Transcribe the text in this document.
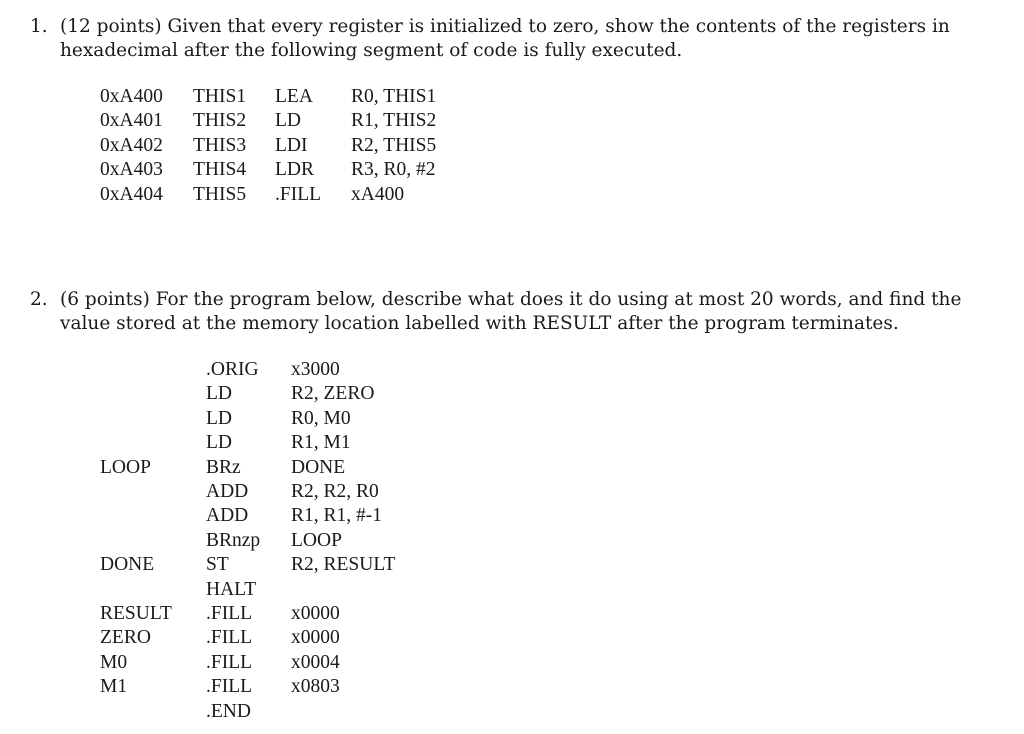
1. (12 points) Given that every register is initialized to zero, show the contents of the registers in hexadecimal after the following segment of code is fully executed.
0xA400	THIS1	LEA	R0, THIS1
0xA401	THIS2	LD	R1, THIS2
0xA402	THIS3	LDI	R2, THIS5
0xA403	THIS4	LDR	R3, R0, #2
0xA404	THIS5	.FILL	xA400
2. (6 points) For the program below, describe what does it do using at most 20 words, and find the value stored at the memory location labelled with RESULT after the program terminates.
	.ORIG	x3000
	LD	R2, ZERO
	LD	R0, M0
	LD	R1, M1
LOOP	BRz	DONE
	ADD	R2, R2, R0
	ADD	R1, R1, #-1
	BRnzp	LOOP
DONE	ST	R2, RESULT
	HALT	
RESULT	.FILL	x0000
ZERO	.FILL	x0000
M0	.FILL	x0004
M1	.FILL	x0803
	.END	
